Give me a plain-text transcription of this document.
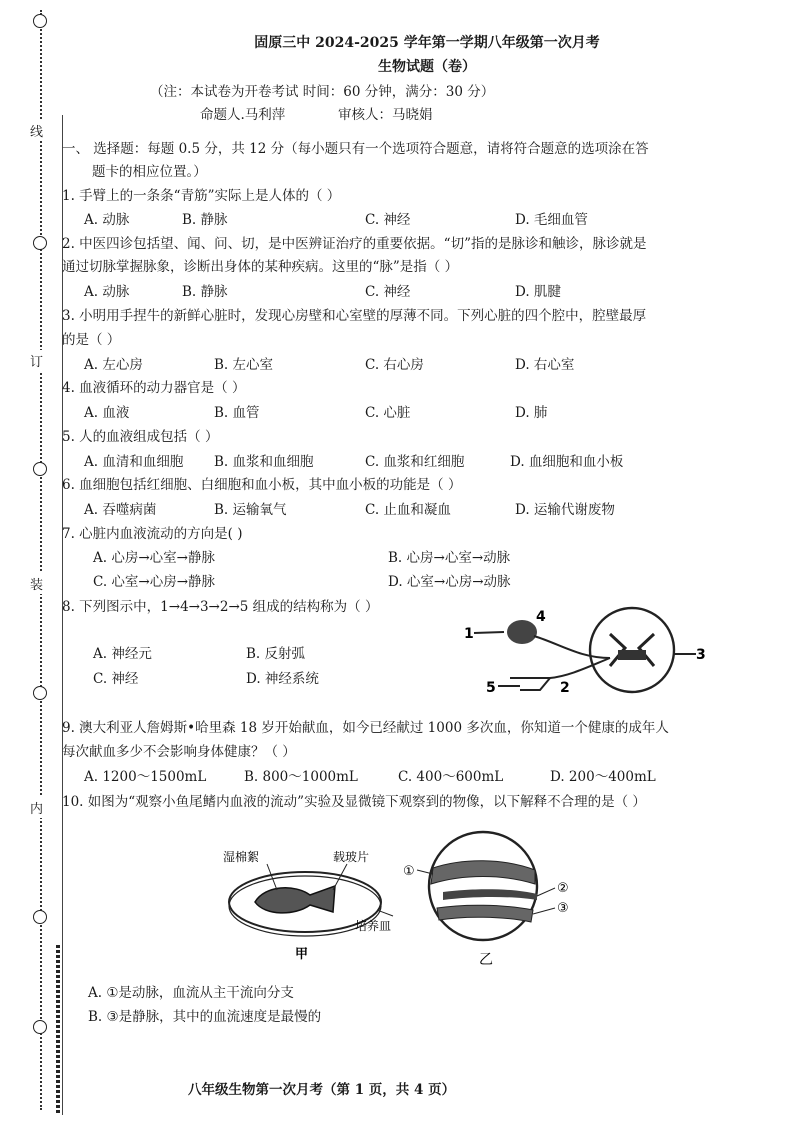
线
订
装
内
固原三中 2024-2025 学年第一学期八年级第一次月考
生物试题（卷）
（注：本试卷为开卷考试 时间：60 分钟，满分：30 分）
命题人.马利萍	审核人：马晓娟
一、 选择题：每题 0.5 分，共 12 分（每小题只有一个选项符合题意，请将符合题意的选项涂在答
题卡的相应位置。）
1. 手臂上的一条条“青筋”实际上是人体的（ ）
A. 动脉	B. 静脉	C. 神经	D. 毛细血管
2. 中医四诊包括望、闻、问、切，是中医辨证治疗的重要依据。“切”指的是脉诊和触诊，脉诊就是
通过切脉掌握脉象，诊断出身体的某种疾病。这里的“脉”是指（ ）
A. 动脉	B. 静脉	C. 神经	D. 肌腱
3. 小明用手捏牛的新鲜心脏时，发现心房壁和心室壁的厚薄不同。下列心脏的四个腔中，腔壁最厚
的是（ ）
A. 左心房	B. 左心室	C. 右心房	D. 右心室
4. 血液循环的动力器官是（ ）
A. 血液	B. 血管	C. 心脏	D. 肺
5. 人的血液组成包括（ ）
A. 血清和血细胞 B. 血浆和血细胞	C. 血浆和红细胞	D. 血细胞和血小板
6. 血细胞包括红细胞、白细胞和血小板，其中血小板的功能是（ ）
A. 吞噬病菌	B. 运输氧气	C. 止血和凝血	D. 运输代谢废物
7. 心脏内血液流动的方向是( )
A. 心房→心室→静脉	B. 心房→心室→动脉
C. 心室→心房→静脉	D. 心室→心房→动脉
8. 下列图示中，1→4→3→2→5 组成的结构称为（ ）
A. 神经元	B. 反射弧
C. 神经	D. 神经系统
1
4
3
2
5
9. 澳大利亚人詹姆斯•哈里森 18 岁开始献血，如今已经献过 1000 多次血，你知道一个健康的成年人
每次献血多少不会影响身体健康？（ ）
A. 1200～1500mL	B. 800～1000mL	C. 400～600mL	D. 200～400mL
10. 如图为“观察小鱼尾鳍内血液的流动”实验及显微镜下观察到的物像，以下解释不合理的是（ ）
湿棉絮	载玻片
培养皿
甲
①
②
③
乙
A. ①是动脉，血流从主干流向分支
B. ③是静脉，其中的血流速度是最慢的
八年级生物第一次月考（第 1 页，共 4 页）
